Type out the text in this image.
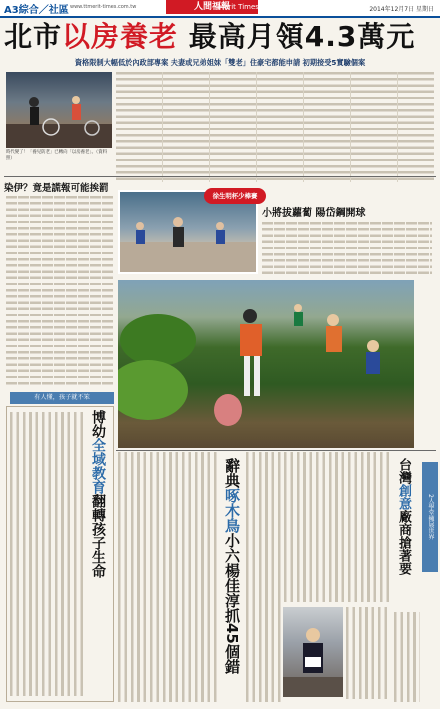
A3綜合／社區 www.ttmerit-times.com.tw	人間福報
Merit Times	2014年12月7日 星期日
北市以房養老 最高月領4.3萬元
資格限制大幅低於內政部專案 夫妻或兄弟姐妹「雙老」住豪宅都能申請 初期接受5實驗個案
時代變了！「養兒防老」已轉向「以房養老」。（資料照）
染伊？竟是謊報可能挨罰
徐生明杯少棒賽
小將拔蘿蔔 陽岱鋼開球
有人懂，孩子就不笨
博幼全域教育翻轉孩子生命
辭典啄木鳥小六楊佳淳抓45個錯
台灣創意廠商搶著要	2人學堂擁展世界
